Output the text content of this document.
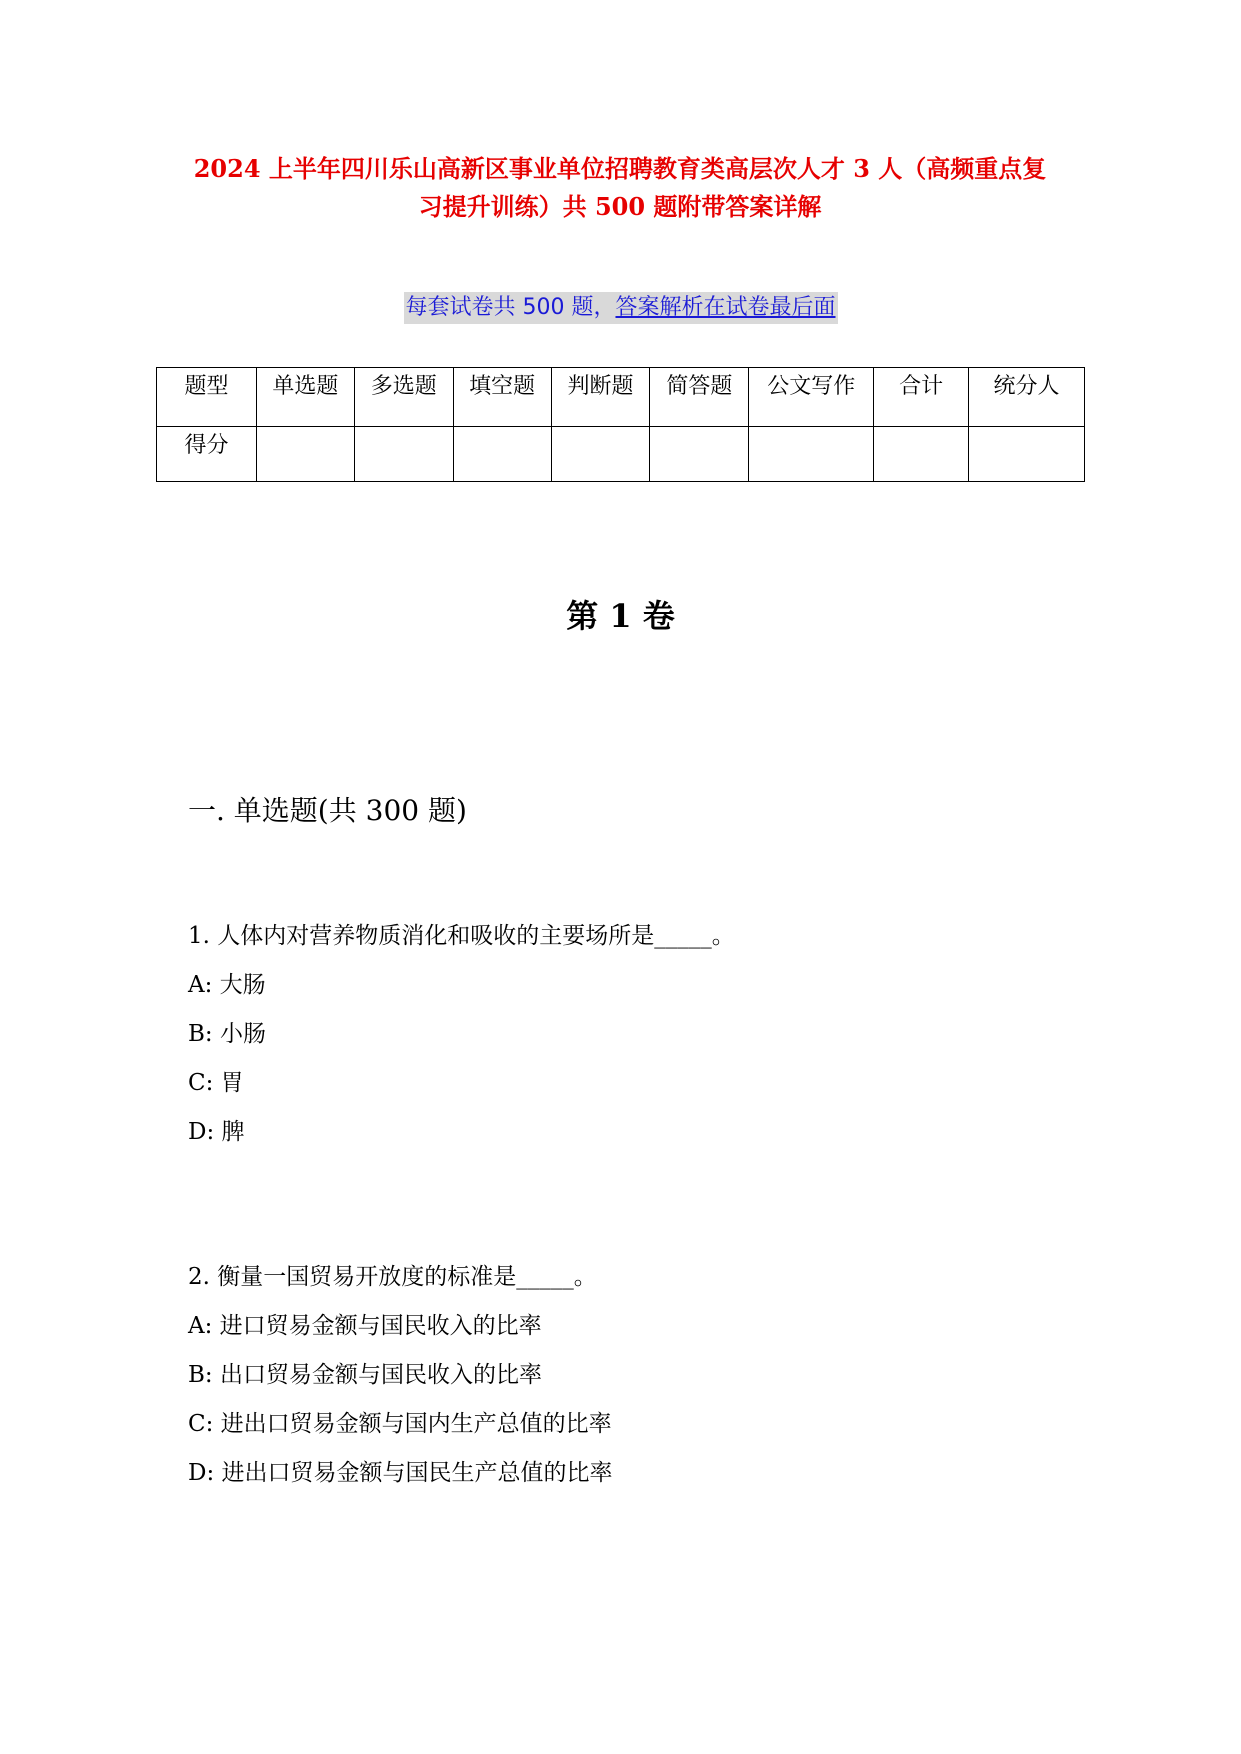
2024 上半年四川乐山高新区事业单位招聘教育类高层次人才 3 人（高频重点复
习提升训练）共 500 题附带答案详解
每套试卷共 500 题，答案解析在试卷最后面
题型	单选题	多选题	填空题	判断题	简答题	公文写作	合计	统分人
得分								
第 1 卷
一. 单选题(共 300 题)
1. 人体内对营养物质消化和吸收的主要场所是_____。
A: 大肠
B: 小肠
C: 胃
D: 脾
2. 衡量一国贸易开放度的标准是_____。
A: 进口贸易金额与国民收入的比率
B: 出口贸易金额与国民收入的比率
C: 进出口贸易金额与国内生产总值的比率
D: 进出口贸易金额与国民生产总值的比率
